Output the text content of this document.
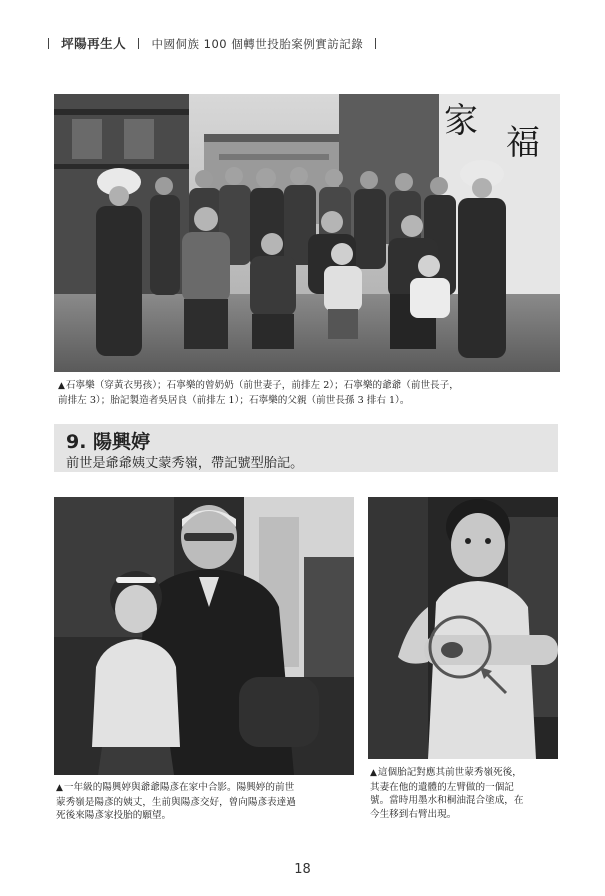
坪陽再生人 中國侗族 100 個轉世投胎案例實訪記錄
家
福
▲石寧樂（穿黃衣男孩）；石寧樂的曾奶奶（前世妻子，前排左 2）；石寧樂的爺爺（前世長子，
前排左 3）；胎記製造者吳居良（前排左 1）；石寧樂的父親（前世長孫 3 排右 1）。
9. 陽興婷
前世是爺爺姨丈蒙秀嶺，帶記號型胎記。
▲一年級的陽興婷與爺爺陽彥在家中合影。陽興婷的前世
蒙秀嶺是陽彥的姨丈，生前與陽彥交好，曾向陽彥表達過
死後來陽彥家投胎的願望。
▲這個胎記對應其前世蒙秀嶺死後，
其妻在他的遺體的左臂做的一個記
號。當時用墨水和桐油混合塗成，在
今生移到右臂出現。
18
